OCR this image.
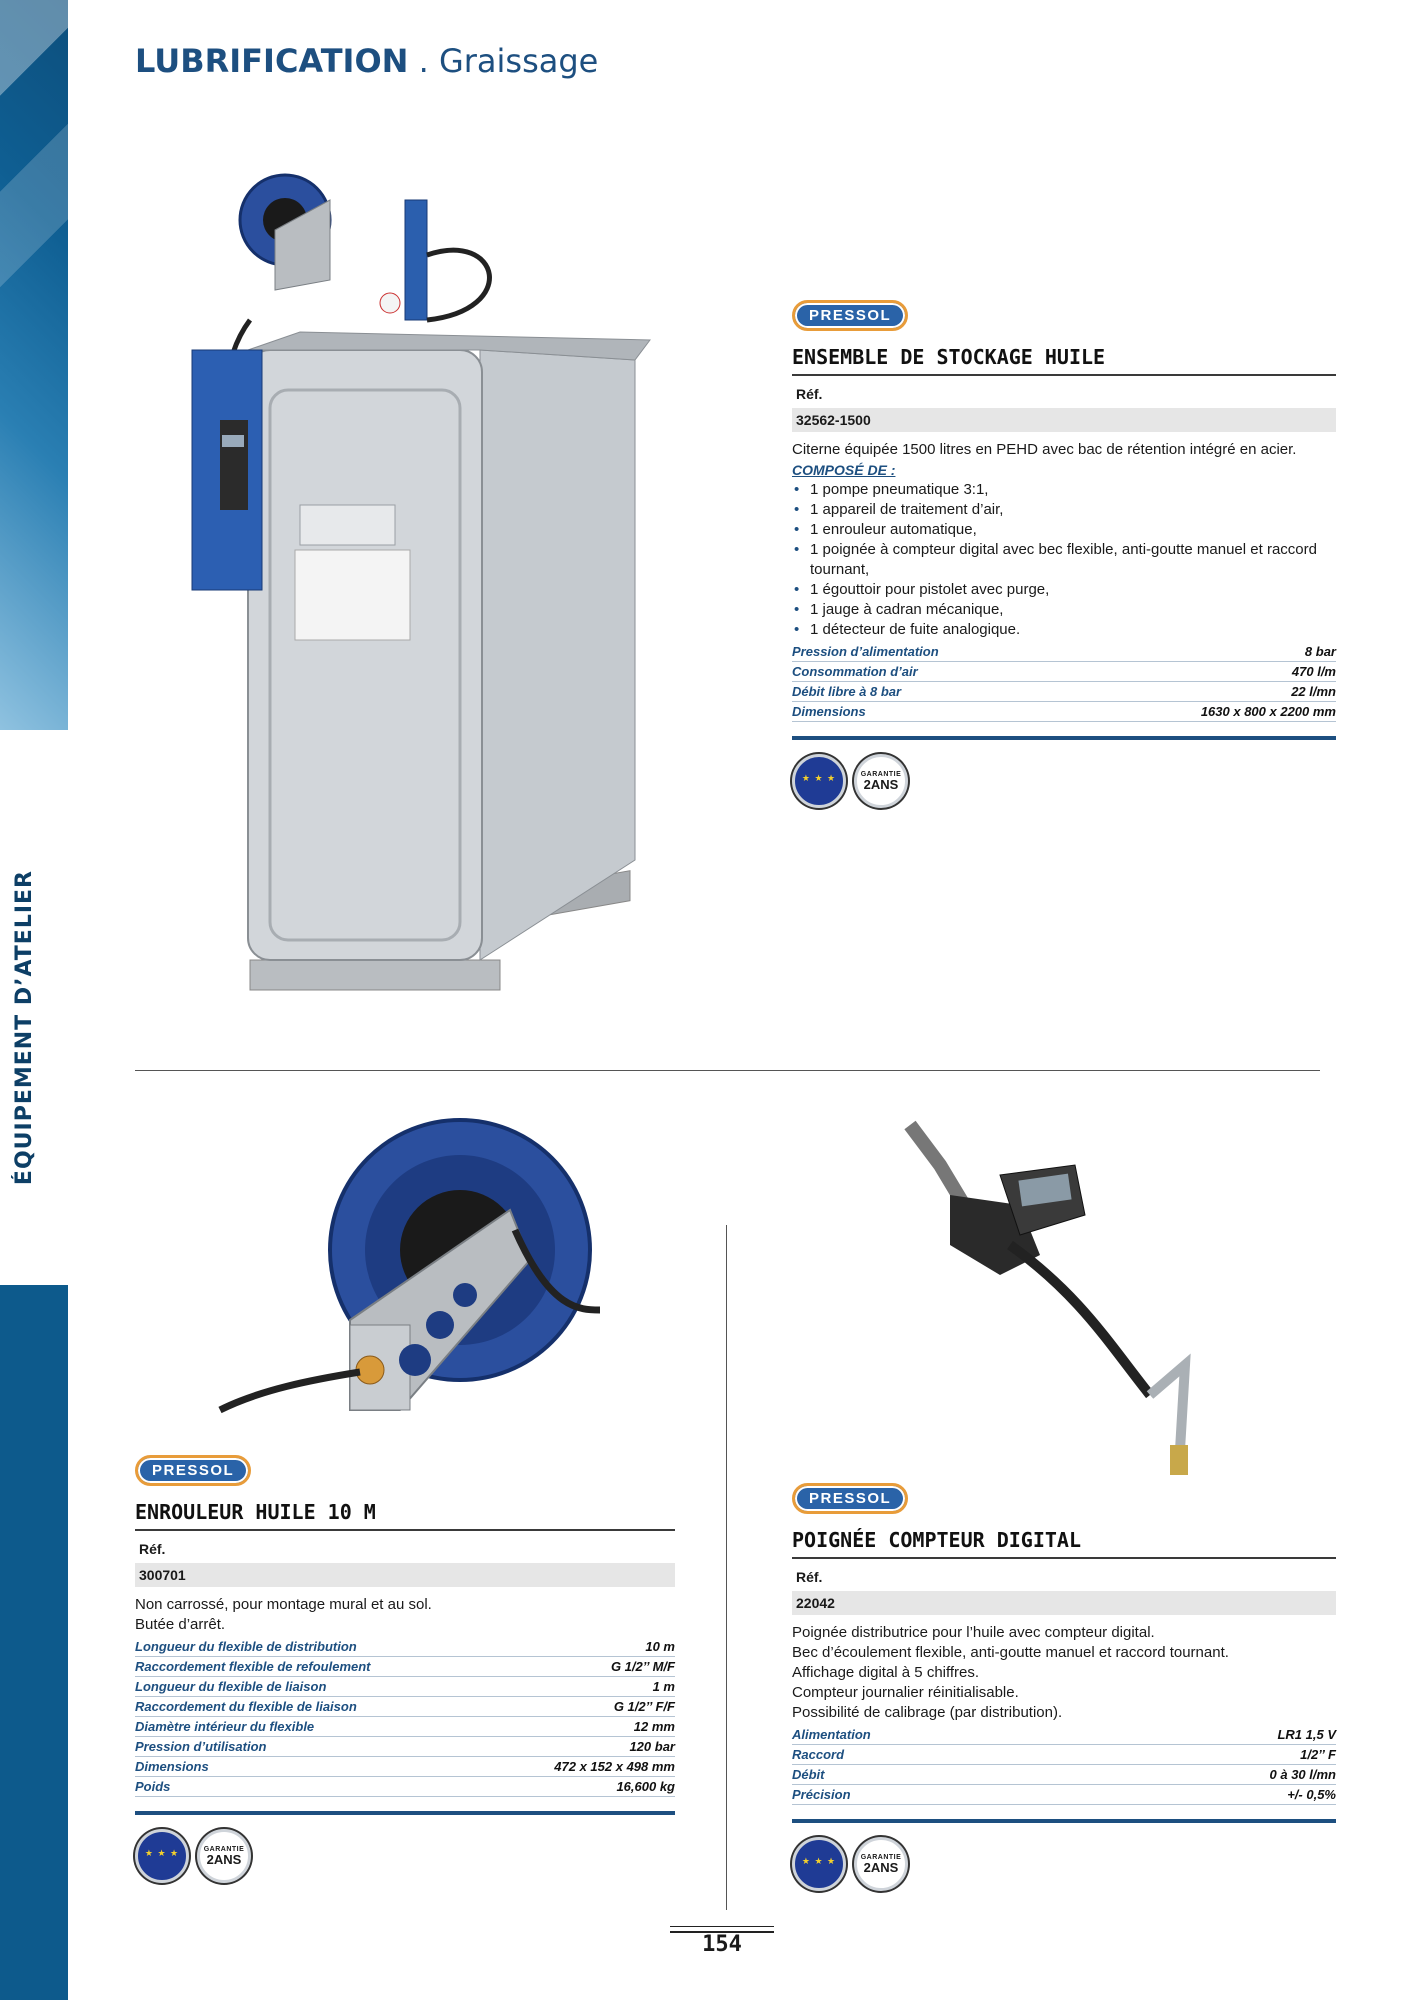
ÉQUIPEMENT D’ATELIER
LUBRIFICATION . Graissage
PRESSOL
ENSEMBLE DE STOCKAGE HUILE
Réf.
32562-1500

Citerne équipée 1500 litres en PEHD avec bac de rétention intégré en acier.

COMPOSÉ DE :

• 1 pompe pneumatique 3:1,
• 1 appareil de traitement d’air,
• 1 enrouleur automatique,
• 1 poignée à compteur digital avec bec flexible, anti-goutte manuel et raccord tournant,
• 1 égouttoir pour pistolet avec purge,
• 1 jauge à cadran mécanique,
• 1 détecteur de fuite analogique.
Pression d’alimentation	8 bar
Consommation d’air	470 l/m
Débit libre à 8 bar	22 l/mn
Dimensions	1630 x 800 x 2200 mm
★ ★ ★
GARANTIE
2ANS
PRESSOL
ENROULEUR HUILE 10 M
Réf.
300701

Non carrossé, pour montage mural et au sol.

Butée d’arrêt.

Longueur du flexible de distribution	10 m
Raccordement flexible de refoulement	G 1/2’’ M/F
Longueur du flexible de liaison	1 m
Raccordement du flexible de liaison	G 1/2’’ F/F
Diamètre intérieur du flexible	12 mm
Pression d’utilisation	120 bar
Dimensions	472 x 152 x 498 mm
Poids	16,600 kg
★ ★ ★
GARANTIE
2ANS
PRESSOL
POIGNÉE COMPTEUR DIGITAL
Réf.
22042

Poignée distributrice pour l’huile avec compteur digital.

Bec d’écoulement flexible, anti-goutte manuel et raccord tournant.

Affichage digital à 5 chiffres.

Compteur journalier réinitialisable.

Possibilité de calibrage (par distribution).

Alimentation	LR1 1,5 V
Raccord	1/2’’ F
Débit	0 à 30 l/mn
Précision	+/- 0,5%
★ ★ ★
GARANTIE
2ANS
154
